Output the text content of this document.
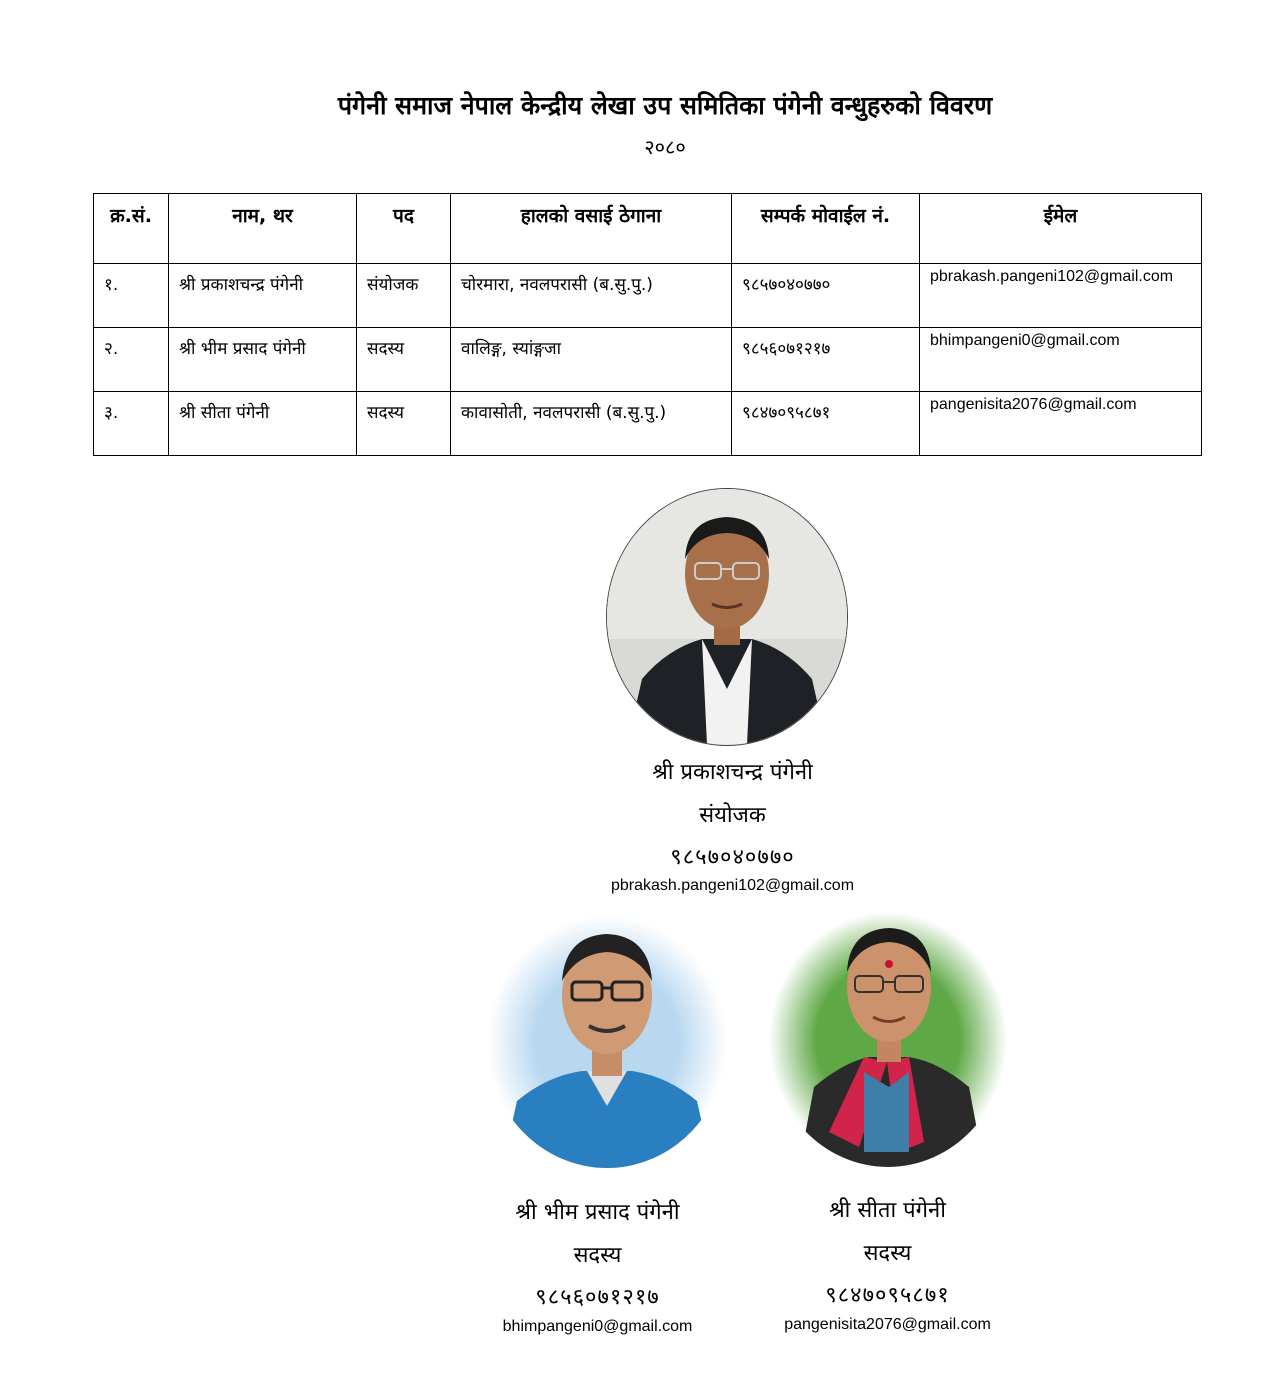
पंगेनी समाज नेपाल केन्द्रीय लेखा उप समितिका पंगेनी वन्धुहरुको विवरण
२०८०
क्र.सं.	नाम, थर	पद	हालको वसाई ठेगाना	सम्पर्क मोवाईल नं.	ईमेल
१.	श्री प्रकाशचन्द्र पंगेनी	संयोजक	चोरमारा, नवलपरासी (ब.सु.पु.)	९८५७०४०७७०	pbrakash.pangeni102@gmail.com
२.	श्री भीम प्रसाद पंगेनी	सदस्य	वालिङ्ग, स्यांङ्गजा	९८५६०७१२१७	bhimpangeni0@gmail.com
३.	श्री सीता पंगेनी	सदस्य	कावासोती, नवलपरासी (ब.सु.पु.)	९८४७०९५८७१	pangenisita2076@gmail.com
श्री प्रकाशचन्द्र पंगेनी
संयोजक
९८५७०४०७७०
pbrakash.pangeni102@gmail.com
श्री भीम प्रसाद पंगेनी
सदस्य
९८५६०७१२१७
bhimpangeni0@gmail.com
श्री सीता पंगेनी
सदस्य
९८४७०९५८७१
pangenisita2076@gmail.com
